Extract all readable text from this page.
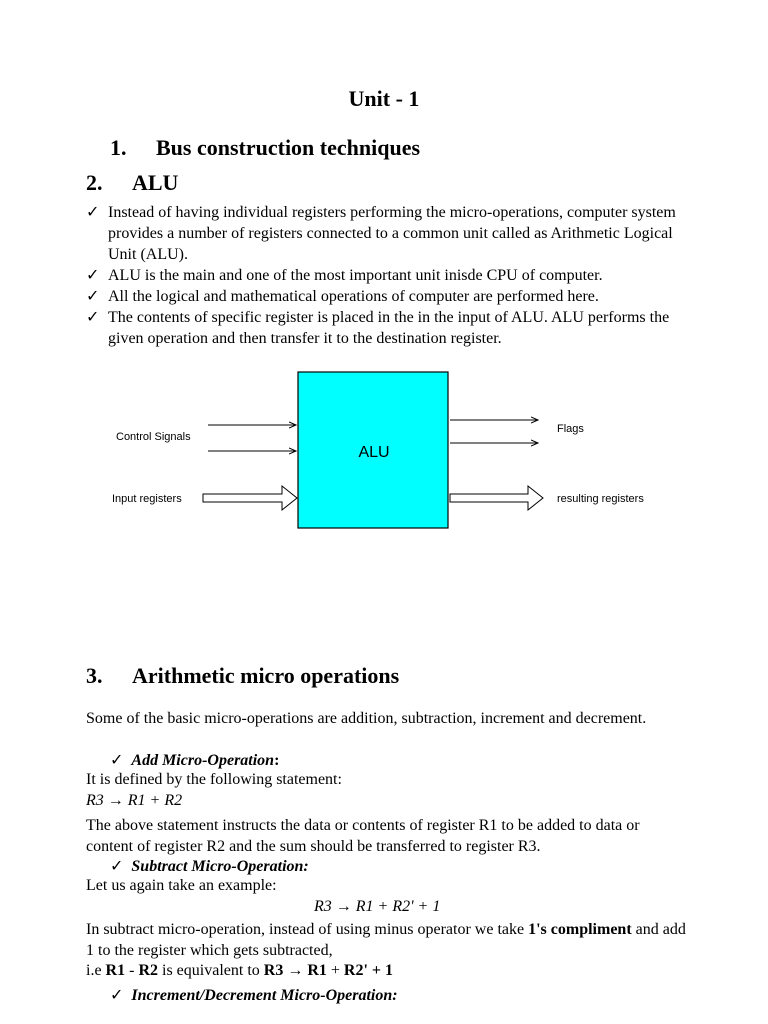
Unit - 1
1. Bus construction techniques
2. ALU
✓ Instead of having individual registers performing the micro-operations, computer system provides a number of registers connected to a common unit called as Arithmetic Logical Unit (ALU).
✓ ALU is the main and one of the most important unit inisde CPU of computer.
✓ All the logical and mathematical operations of computer are performed here.
✓ The contents of specific register is placed in the in the input of ALU. ALU performs the given operation and then transfer it to the destination register.
ALU
Control Signals
Input registers
Flags
resulting registers
3. Arithmetic micro operations
Some of the basic micro-operations are addition, subtraction, increment and decrement.
✓ Add Micro-Operation:
It is defined by the following statement:
R3 → R1 + R2
The above statement instructs the data or contents of register R1 to be added to data or content of register R2 and the sum should be transferred to register R3.
✓ Subtract Micro-Operation:
Let us again take an example:
R3 → R1 + R2' + 1
In subtract micro-operation, instead of using minus operator we take 1's compliment and add 1 to the register which gets subtracted,
i.e R1 - R2 is equivalent to R3 → R1 + R2' + 1
✓ Increment/Decrement Micro-Operation:
